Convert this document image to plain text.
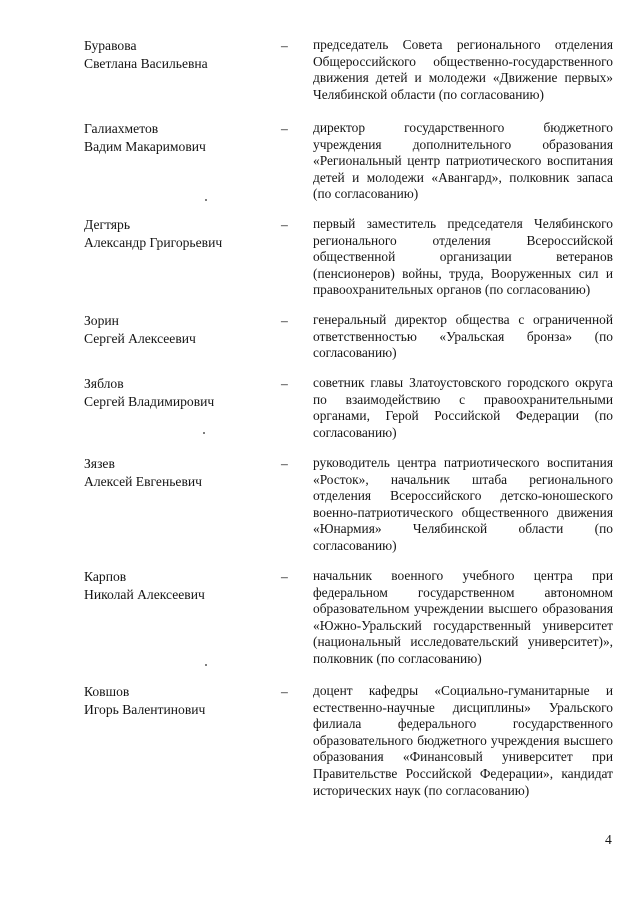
Буравова
Светлана Васильевна
– председатель Совета регионального отделения Общероссийского общественно-государственного движения детей и молодежи «Движение первых» Челябинской области (по согласованию)
Галиахметов
Вадим Макаримович
– директор государственного бюджетного учреждения дополнительного образования «Региональный центр патриотического воспитания детей и молодежи «Авангард», полковник запаса (по согласованию)
Дегтярь
Александр Григорьевич
– первый заместитель председателя Челябинского регионального отделения Всероссийской общественной организации ветеранов (пенсионеров) войны, труда, Вооруженных сил и правоохранительных органов (по согласованию)
Зорин
Сергей Алексеевич
– генеральный директор общества с ограниченной ответственностью «Уральская бронза» (по согласованию)
Зяблов
Сергей Владимирович
– советник главы Златоустовского городского округа по взаимодействию с правоохранительными органами, Герой Российской Федерации (по согласованию)
Зязев
Алексей Евгеньевич
– руководитель центра патриотического воспитания «Росток», начальник штаба регионального отделения Всероссийского детско-юношеского военно-патриотического общественного движения «Юнармия» Челябинской области (по согласованию)
Карпов
Николай Алексеевич
– начальник военного учебного центра при федеральном государственном автономном образовательном учреждении высшего образования «Южно-Уральский государственный университет (национальный исследовательский университет)», полковник (по согласованию)
Ковшов
Игорь Валентинович
– доцент кафедры «Социально-гуманитарные и естественно-научные дисциплины» Уральского филиала федерального государственного образовательного бюджетного учреждения высшего образования «Финансовый университет при Правительстве Российской Федерации», кандидат исторических наук (по согласованию)
4
